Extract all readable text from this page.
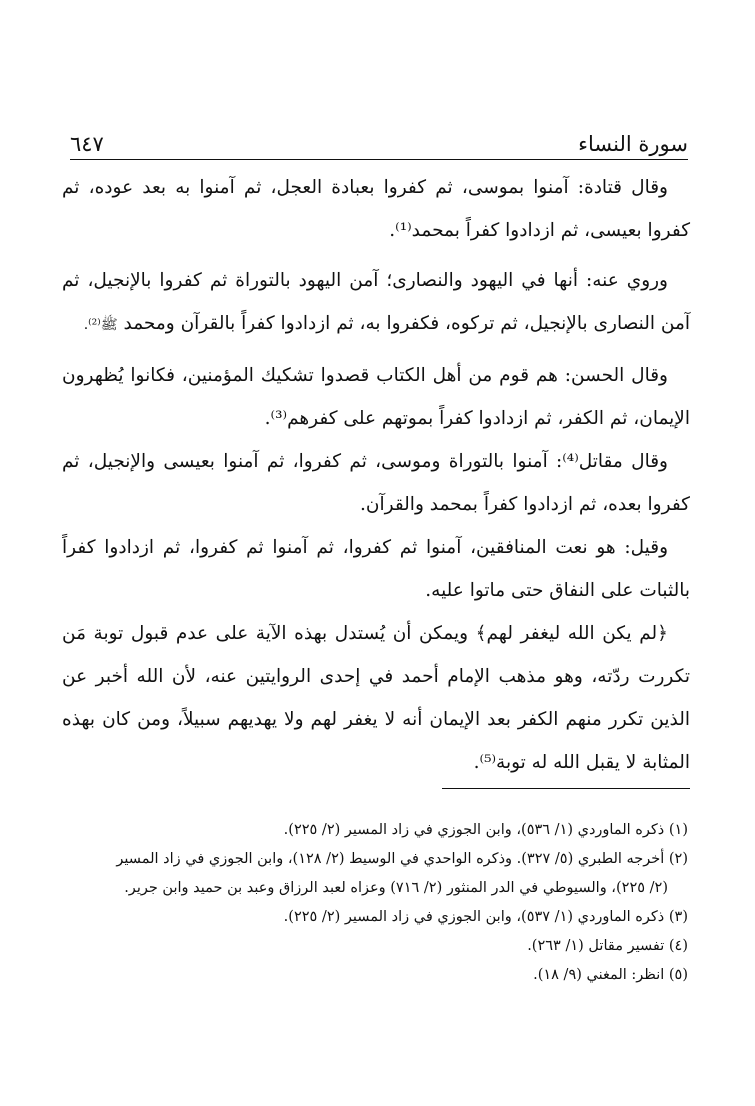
٦٤٧	سورة النساء

وقال قتادة: آمنوا بموسى، ثم كفروا بعبادة العجل، ثم آمنوا به بعد عوده، ثم كفروا بعيسى، ثم ازدادوا كفراً بمحمد⁽¹⁾.

وروي عنه: أنها في اليهود والنصارى؛ آمن اليهود بالتوراة ثم كفروا بالإنجيل، ثم آمن النصارى بالإنجيل، ثم تركوه، فكفروا به، ثم ازدادوا كفراً بالقرآن ومحمد ﷺ⁽²⁾.

وقال الحسن: هم قوم من أهل الكتاب قصدوا تشكيك المؤمنين، فكانوا يُظهرون الإيمان، ثم الكفر، ثم ازدادوا كفراً بموتهم على كفرهم⁽³⁾.

وقال مقاتل⁽⁴⁾: آمنوا بالتوراة وموسى، ثم كفروا، ثم آمنوا بعيسى والإنجيل، ثم كفروا بعده، ثم ازدادوا كفراً بمحمد والقرآن.

وقيل: هو نعت المنافقين، آمنوا ثم كفروا، ثم آمنوا ثم كفروا، ثم ازدادوا كفراً بالثبات على النفاق حتى ماتوا عليه.

﴿لم يكن الله ليغفر لهم﴾ ويمكن أن يُستدل بهذه الآية على عدم قبول توبة مَن تكررت ردّته، وهو مذهب الإمام أحمد في إحدى الروايتين عنه، لأن الله أخبر عن الذين تكرر منهم الكفر بعد الإيمان أنه لا يغفر لهم ولا يهديهم سبيلاً، ومن كان بهذه المثابة لا يقبل الله له توبة⁽⁵⁾.

(١) ذكره الماوردي (١/ ٥٣٦)، وابن الجوزي في زاد المسير (٢/ ٢٢٥).

(٢) أخرجه الطبري (٥/ ٣٢٧). وذكره الواحدي في الوسيط (٢/ ١٢٨)، وابن الجوزي في زاد المسير

(٢/ ٢٢٥)، والسيوطي في الدر المنثور (٢/ ٧١٦) وعزاه لعبد الرزاق وعبد بن حميد وابن جرير.

(٣) ذكره الماوردي (١/ ٥٣٧)، وابن الجوزي في زاد المسير (٢/ ٢٢٥).

(٤) تفسير مقاتل (١/ ٢٦٣).

(٥) انظر: المغني (٩/ ١٨).
